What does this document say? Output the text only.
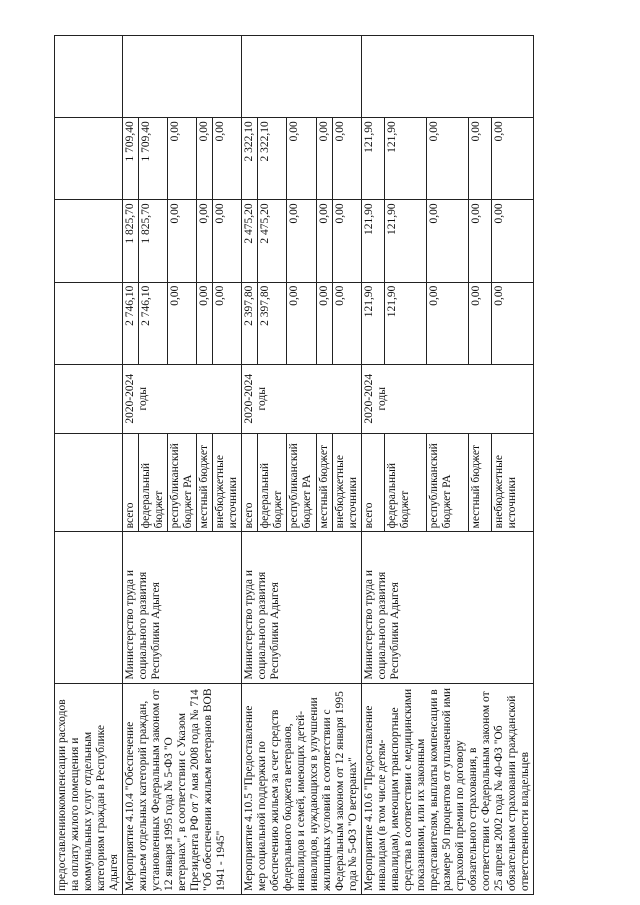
предоставлениюкомпенсации расходов на оплату жилого помещения и коммунальных услуг отдельным категориям граждан в Республике Адыгея							
Мероприятие 4.10.4 "Обеспечение жильем отдельных категорий граждан, установленных Федеральным законом от 12 января 1995 года № 5-ФЗ "О ветеранах", в соответствии с Указом Президента РФ от 7 мая 2008 года № 714 "Об обеспечении жильем ветеранов ВОВ 1941 - 1945"	Министерство труда и социального развития Республики Адыгея	всего	2020-2024 годы	2 746,10	1 825,70	1 709,40	
		федеральный бюджет		2 746,10	1 825,70	1 709,40	
		республиканский бюджет РА		0,00	0,00	0,00	
		местный бюджет		0,00	0,00	0,00	
		внебюджетные источники		0,00	0,00	0,00	
Мероприятие 4.10.5 "Предоставление мер социальной поддержки по обеспечению жильем за счет средств федерального бюджета ветеранов, инвалидов и семей, имеющих детей-инвалидов, нуждающихся в улучшении жилищных условий в соответствии с Федеральным законом от 12 января 1995 года № 5-ФЗ "О ветеранах"	Министерство труда и социального развития Республики Адыгея	всего	2020-2024 годы	2 397,80	2 475,20	2 322,10	
		федеральный бюджет		2 397,80	2 475,20	2 322,10	
		республиканский бюджет РА		0,00	0,00	0,00	
		местный бюджет		0,00	0,00	0,00	
		внебюджетные источники		0,00	0,00	0,00	
Мероприятие 4.10.6 "Предоставление инвалидам (в том числе детям-инвалидам), имеющим транспортные средства в соответствии с медицинскими показаниями, или их законным представителям, выплаты компенсации в размере 50 процентов от уплаченной ими страховой премии по договору обязательного страхования, в соответствии с Федеральным законом от 25 апреля 2002 года № 40-ФЗ "Об обязательном страховании гражданской ответственности владельцев	Министерство труда и социального развития Республики Адыгея	всего	2020-2024 годы	121,90	121,90	121,90	
		федеральный бюджет		121,90	121,90	121,90	
		республиканский бюджет РА		0,00	0,00	0,00	
		местный бюджет		0,00	0,00	0,00	
		внебюджетные источники		0,00	0,00	0,00	
